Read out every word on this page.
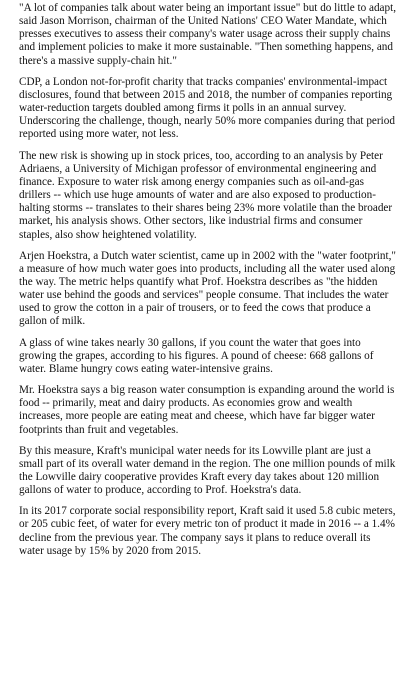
"A lot of companies talk about water being an important issue" but do little to adapt, said Jason Morrison, chairman of the United Nations' CEO Water Mandate, which presses executives to assess their company's water usage across their supply chains and implement policies to make it more sustainable. "Then something happens, and there's a massive supply-chain hit."

CDP, a London not-for-profit charity that tracks companies' environmental-impact disclosures, found that between 2015 and 2018, the number of companies reporting water-reduction targets doubled among firms it polls in an annual survey. Underscoring the challenge, though, nearly 50% more companies during that period reported using more water, not less.

The new risk is showing up in stock prices, too, according to an analysis by Peter Adriaens, a University of Michigan professor of environmental engineering and finance. Exposure to water risk among energy companies such as oil-and-gas drillers -- which use huge amounts of water and are also exposed to production-halting storms -- translates to their shares being 23% more volatile than the broader market, his analysis shows. Other sectors, like industrial firms and consumer staples, also show heightened volatility.

Arjen Hoekstra, a Dutch water scientist, came up in 2002 with the "water footprint," a measure of how much water goes into products, including all the water used along the way. The metric helps quantify what Prof. Hoekstra describes as "the hidden water use behind the goods and services" people consume. That includes the water used to grow the cotton in a pair of trousers, or to feed the cows that produce a gallon of milk.

A glass of wine takes nearly 30 gallons, if you count the water that goes into growing the grapes, according to his figures. A pound of cheese: 668 gallons of water. Blame hungry cows eating water-intensive grains.

Mr. Hoekstra says a big reason water consumption is expanding around the world is food -- primarily, meat and dairy products. As economies grow and wealth increases, more people are eating meat and cheese, which have far bigger water footprints than fruit and vegetables.

By this measure, Kraft's municipal water needs for its Lowville plant are just a small part of its overall water demand in the region. The one million pounds of milk the Lowville dairy cooperative provides Kraft every day takes about 120 million gallons of water to produce, according to Prof. Hoekstra's data.

In its 2017 corporate social responsibility report, Kraft said it used 5.8 cubic meters, or 205 cubic feet, of water for every metric ton of product it made in 2016 -- a 1.4% decline from the previous year. The company says it plans to reduce overall its water usage by 15% by 2020 from 2015.
